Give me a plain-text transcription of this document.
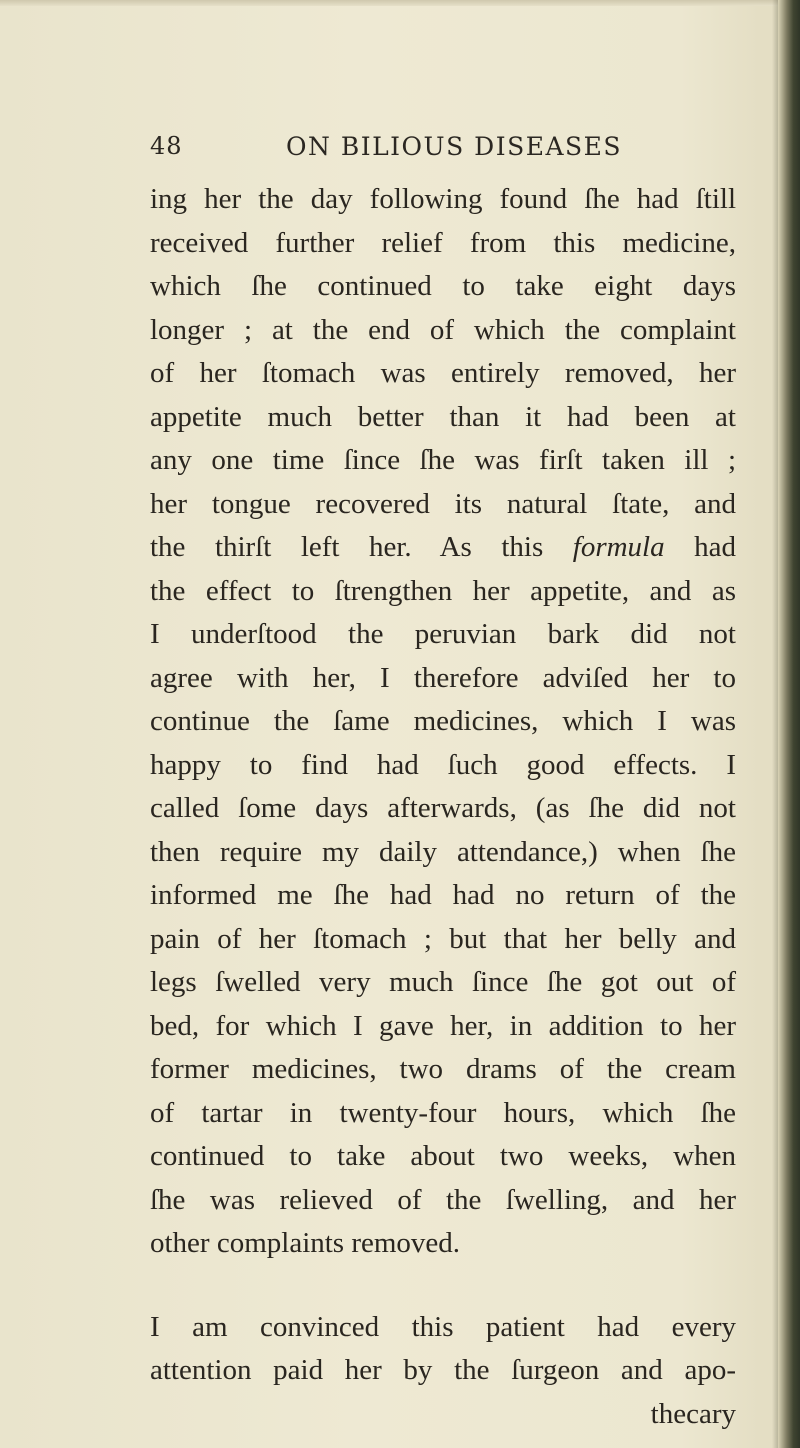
48	ON BILIOUS DISEASES
ing her the day following found ſhe had ſtill
received further relief from this medicine,
which ſhe continued to take eight days
longer ; at the end of which the complaint
of her ſtomach was entirely removed, her
appetite much better than it had been at
any one time ſince ſhe was firſt taken ill ;
her tongue recovered its natural ſtate, and
the thirſt left her. As this formula had
the effect to ſtrengthen her appetite, and as
I underſtood the peruvian bark did not
agree with her, I therefore adviſed her to
continue the ſame medicines, which I was
happy to find had ſuch good effects. I
called ſome days afterwards, (as ſhe did not
then require my daily attendance,) when ſhe
informed me ſhe had had no return of the
pain of her ſtomach ; but that her belly and
legs ſwelled very much ſince ſhe got out of
bed, for which I gave her, in addition to her
former medicines, two drams of the cream
of tartar in twenty-four hours, which ſhe
continued to take about two weeks, when
ſhe was relieved of the ſwelling, and her
other complaints removed.
I am convinced this patient had every
attention paid her by the ſurgeon and apo-
thecary
